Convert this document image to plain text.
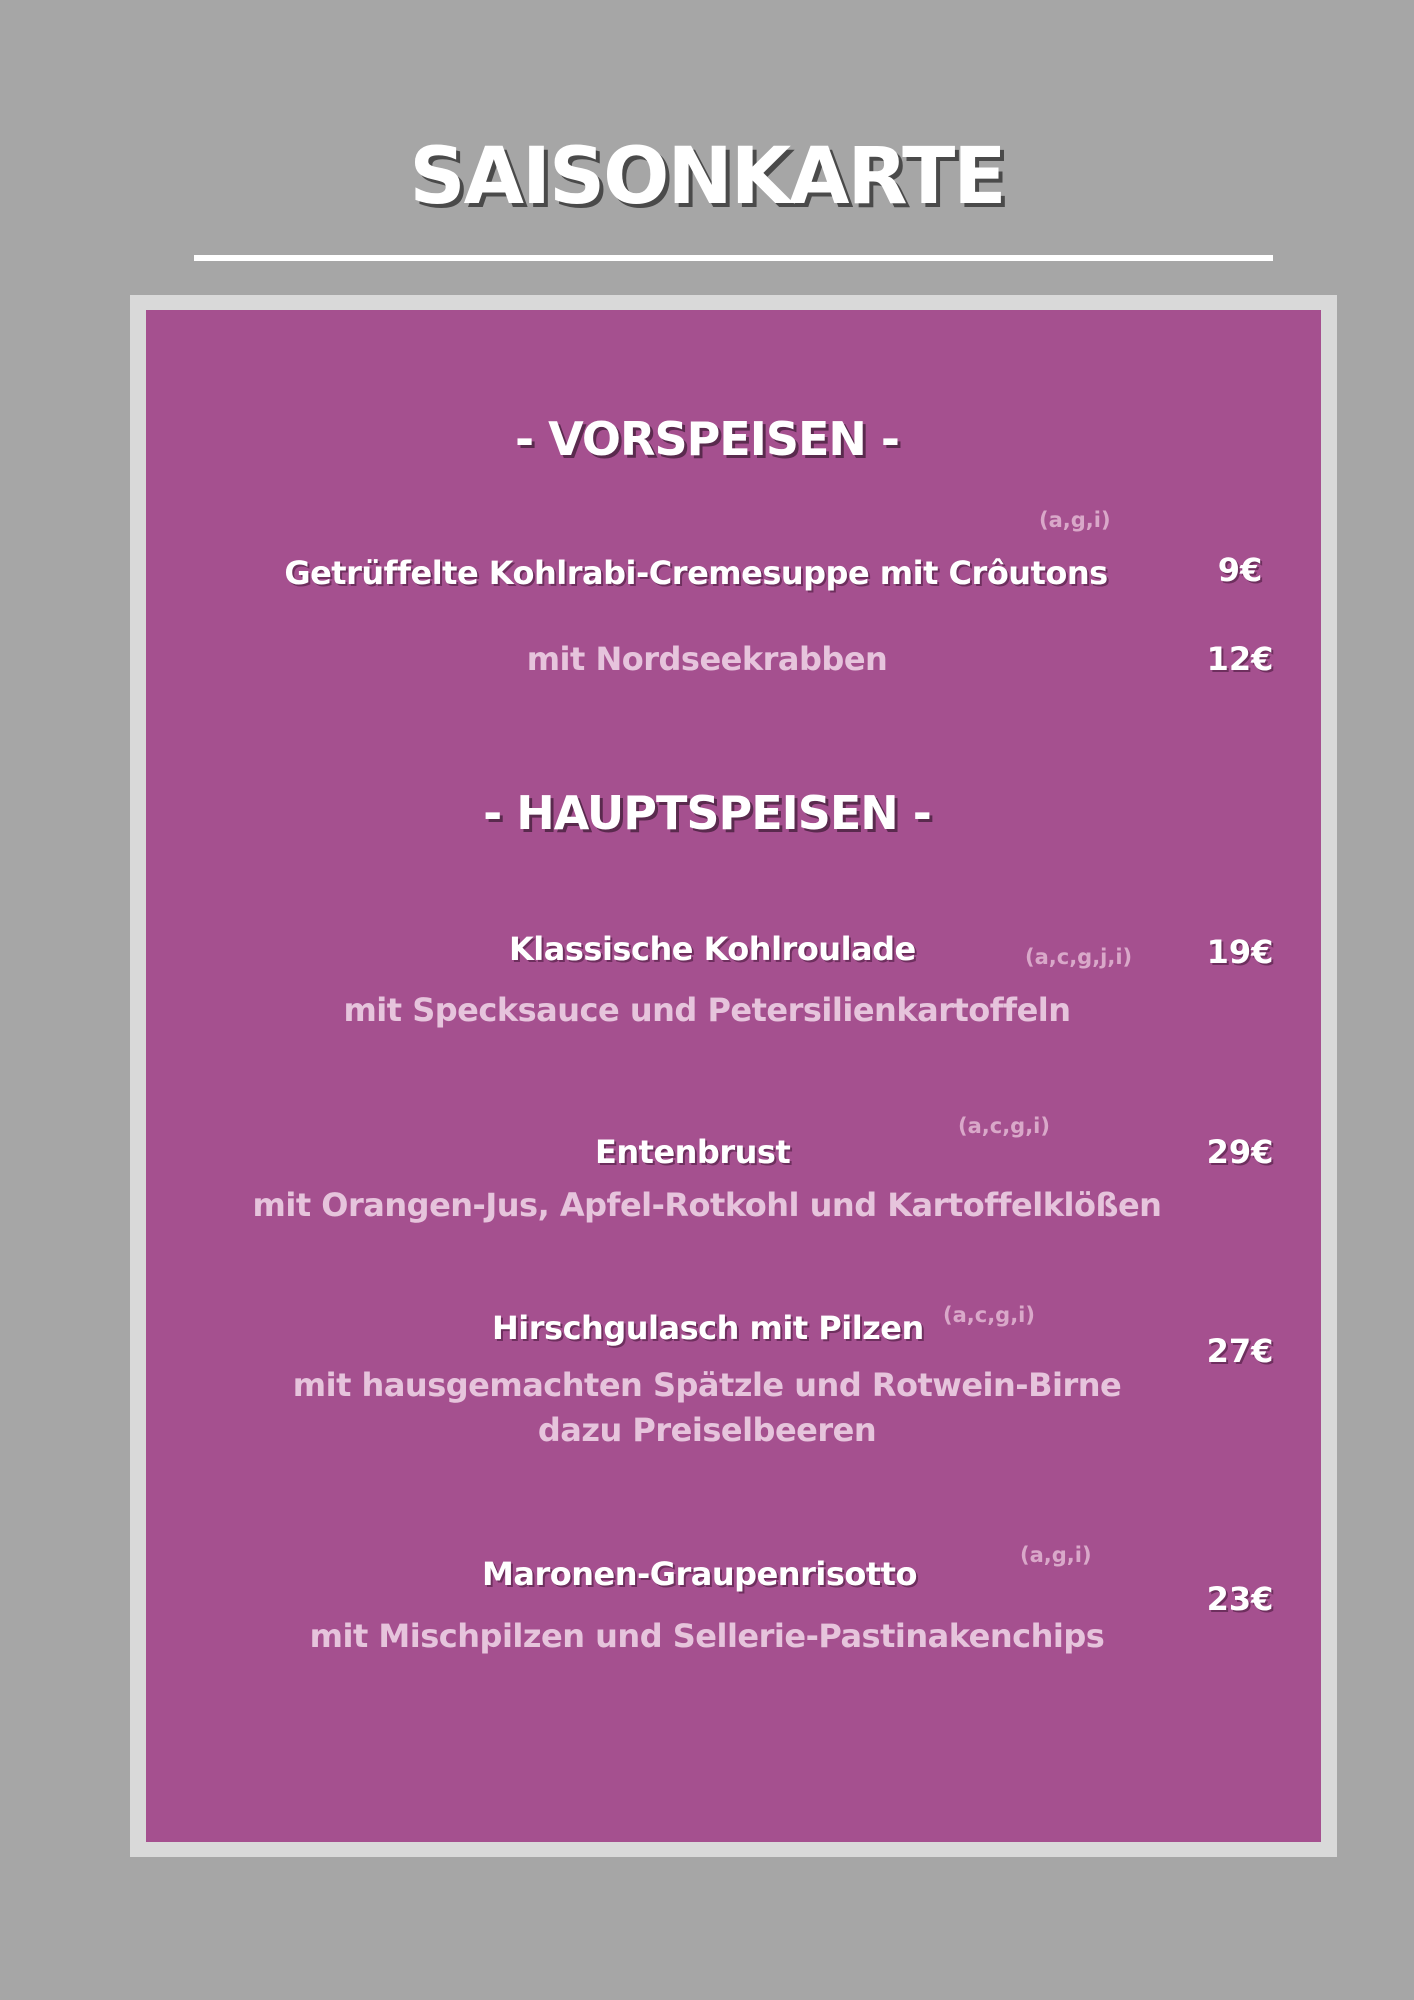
SAISONKARTE
- VORSPEISEN -
(a,g,i)
Getrüffelte Kohlrabi-Cremesuppe mit Crôutons	9€
mit Nordseekrabben	12€
- HAUPTSPEISEN -
Klassische Kohlroulade	(a,c,g,j,i)	19€
mit Specksauce und Petersilienkartoffeln
(a,c,g,i)
Entenbrust	29€
mit Orangen-Jus, Apfel-Rotkohl und Kartoffelklößen
(a,c,g,i)
Hirschgulasch mit Pilzen
27€
mit hausgemachten Spätzle und Rotwein-Birne
dazu Preiselbeeren
(a,g,i)
Maronen-Graupenrisotto
23€
mit Mischpilzen und Sellerie-Pastinakenchips
